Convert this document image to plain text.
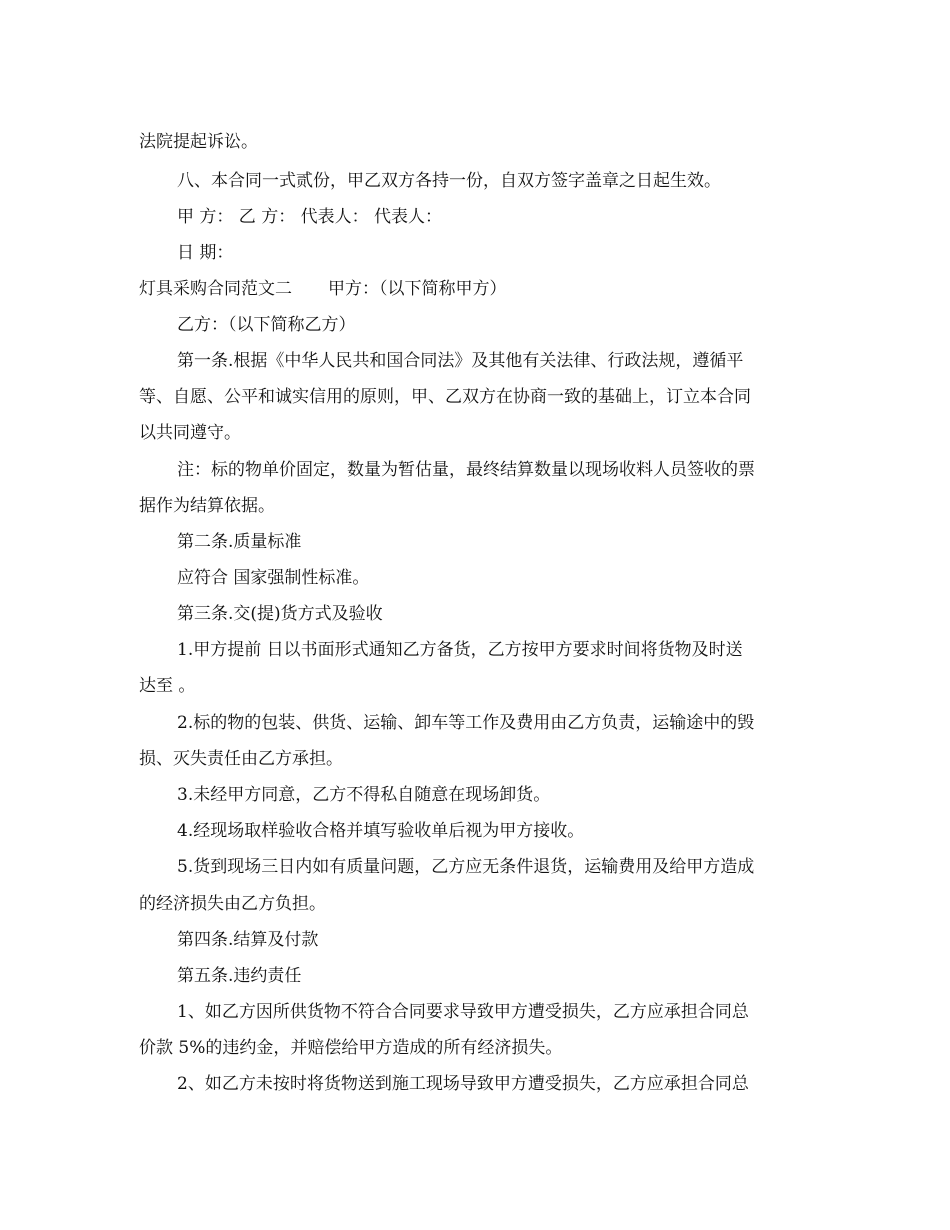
法院提起诉讼。

八、本合同一式贰份，甲乙双方各持一份，自双方签字盖章之日起生效。

甲 方： 乙 方： 代表人： 代表人：

日 期：

灯具采购合同范文二 甲方：（以下简称甲方）

乙方：（以下简称乙方）

第一条.根据《中华人民共和国合同法》及其他有关法律、行政法规，遵循平

等、自愿、公平和诚实信用的原则，甲、乙双方在协商一致的基础上，订立本合同

以共同遵守。

注：标的物单价固定，数量为暂估量，最终结算数量以现场收料人员签收的票

据作为结算依据。

第二条.质量标准

应符合 国家强制性标准。

第三条.交(提)货方式及验收

1.甲方提前 日以书面形式通知乙方备货，乙方按甲方要求时间将货物及时送

达至 。

2.标的物的包装、供货、运输、卸车等工作及费用由乙方负责，运输途中的毁

损、灭失责任由乙方承担。

3.未经甲方同意，乙方不得私自随意在现场卸货。

4.经现场取样验收合格并填写验收单后视为甲方接收。

5.货到现场三日内如有质量问题，乙方应无条件退货，运输费用及给甲方造成

的经济损失由乙方负担。

第四条.结算及付款

第五条.违约责任

1、如乙方因所供货物不符合合同要求导致甲方遭受损失，乙方应承担合同总

价款 5%的违约金，并赔偿给甲方造成的所有经济损失。

2、如乙方未按时将货物送到施工现场导致甲方遭受损失，乙方应承担合同总
